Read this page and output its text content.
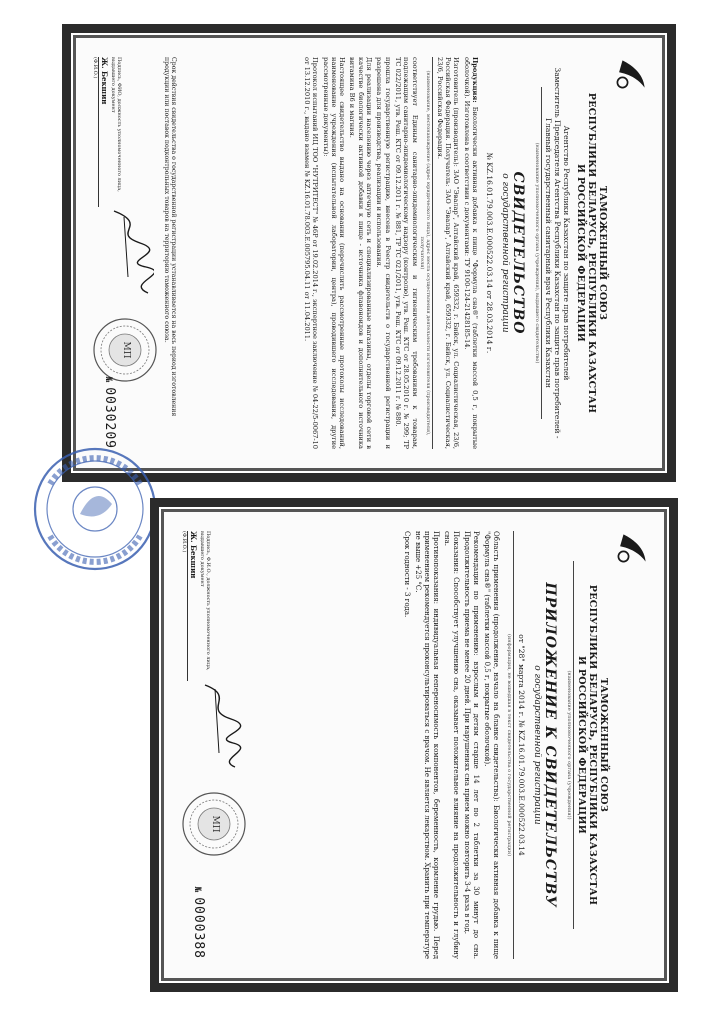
ТАМОЖЕННЫЙ СОЮЗ
РЕСПУБЛИКИ БЕЛАРУСЬ, РЕСПУБЛИКИ КАЗАХСТАН
И РОССИЙСКОЙ ФЕДЕРАЦИИ
Агентство Республики Казахстан по защите прав потребителей
Заместитель Председателя Агентства Республики Казахстан по защите прав потребителей -
Главный государственный санитарный врач Республики Казахстан
(наименование уполномоченного органа (учреждения), выдавшего свидетельство)
СВИДЕТЕЛЬСТВО
о государственной регистрации
№ KZ.16.01.79.003.E.000522.03.14 от 28.03.2014 г.

Продукция: Биологически активная добавка к пище "Формула сна®" (таблетки массой 0,5 г, покрытые оболочкой). Изготовлена в соответствии с документами: ТУ 9100-124-21428185-14.

Изготовитель (производитель): ЗАО "Эвалар", Алтайский край, 659332, г. Бийск, ул. Социалистическая, 23/6, Российская Федерация. Получатель: ЗАО "Эвалар", Алтайский край, 659332, г. Бийск, ул. Социалистическая, 23/6, Российская Федерация.

(наименование, местонахождение (адрес юридического лица), адрес места осуществления деятельности изготовителя (производителя), получателя)

соответствует Единым санитарно-эпидемиологическим и гигиеническим требованиям к товарам, подлежащим санитарно-эпидемиологическому надзору (контролю), утв. Реш. КТС от 28.05.2010 г. № 299; ТР ТС 022/2011, утв. Реш. КТС от 09.12.2011 г. № 881, ТР ТС 021/2011, утв. Реш. КТС от 09.12.2011 г. № 880.

прошла государственную регистрацию, внесена в Реестр свидетельств о государственной регистрации и разрешена для производства, реализации и использования.

Для реализации населению через аптечную сеть и специализированные магазины, отделы торговой сети в качестве биологически активной добавки к пище - источника флавоноидов и дополнительного источника витамина B6 и магния.

Настоящее свидетельство выдано на основании (перечислить рассмотренные протоколы исследований, наименование учреждения (испытательной лаборатории, центра), проводившего исследования, другие рассмотренные документы):

Протокол испытаний ИЦ ТОО "НУТРИТЕСТ" № 46Р от 19.02.2014 г., экспертное заключение № 04-22/5-0067-10 от 13.12.2010 г., выдано взамен № KZ.16.01.78.003.E.005795.04.11 от 11.04.2011.

Срок действия свидетельства о государственной регистрации устанавливается на весь период изготовления продукции или поставок подконтрольных товаров на территорию таможенного союза.
Подпись, ФИО, должность уполномоченного лица, выдавшего документ
Ж. Бекшин
(Ф.И.О.)
МП
№0030209
ТАМОЖЕННЫЙ СОЮЗ
РЕСПУБЛИКИ БЕЛАРУСЬ, РЕСПУБЛИКИ КАЗАХСТАН
И РОССИЙСКОЙ ФЕДЕРАЦИИ
(наименование уполномоченного органа (учреждения))
ПРИЛОЖЕНИЕ К СВИДЕТЕЛЬСТВУ
о государственной регистрации
от "28" марта 2014 г. № KZ.16.01.79.003.E.000522.03.14
(информация, не вошедшая в текст свидетельства о государственной регистрации)

Область применения (продолжение, начало на бланке свидетельства): Биологически активная добавка к пище "Формула сна®" (таблетки массой 0,5 г, покрытые оболочкой).

Рекомендации по применению: взрослым и детям старше 14 лет по 2 таблетки за 30 минут до сна. Продолжительность приема не менее 20 дней. При нарушениях сна прием можно повторить 3-4 раза в год.

Показания: Способствует улучшению сна, оказывает положительное влияние на продолжительность и глубину сна.

Противопоказания: индивидуальная непереносимость компонентов, беременность, кормление грудью. Перед применением рекомендуется проконсультироваться с врачом. Не является лекарством. Хранить при температуре не выше +25 °С.

Срок годности - 3 года.

Подпись, Ф.И.О., должность уполномоченного лица, выдавшего документ
Ж. Бекшин
(Ф.И.О.)
МП
№0000388
